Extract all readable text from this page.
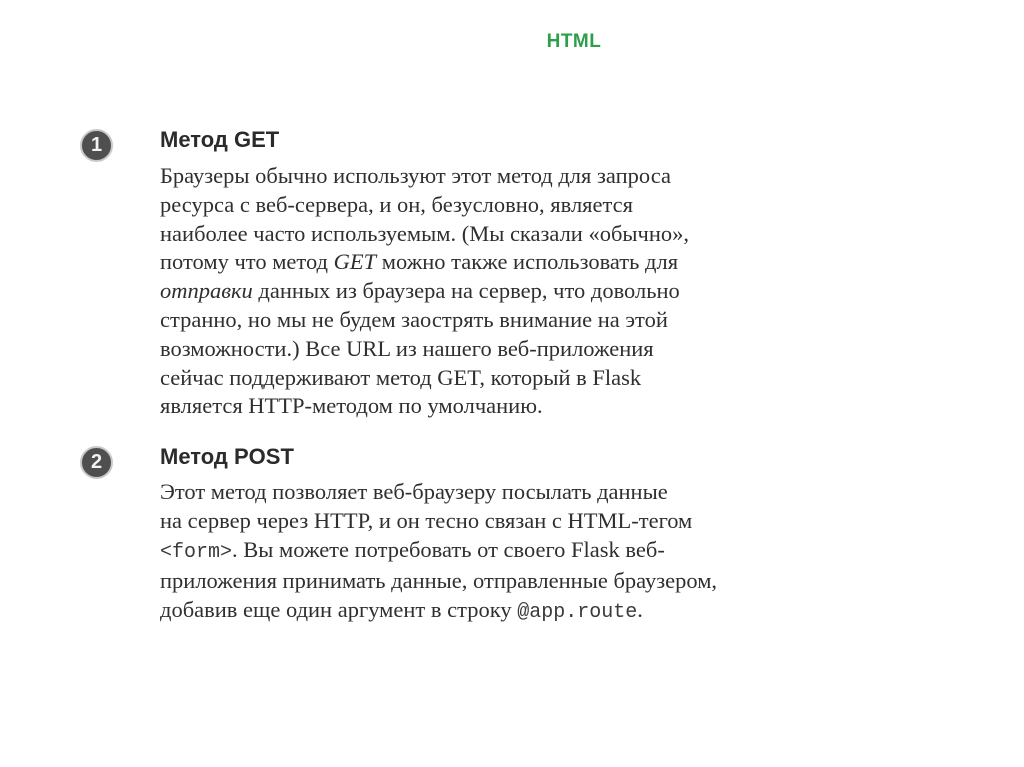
HTML
1	Метод GET

Браузеры обычно используют этот метод для запроса
ресурса с веб-сервера, и он, безусловно, является
наиболее часто используемым. (Мы сказали «обычно»,
потому что метод GET можно также использовать для
отправки данных из браузера на сервер, что довольно
странно, но мы не будем заострять внимание на этой
возможности.) Все URL из нашего веб-приложения
сейчас поддерживают метод GET, который в Flask
является HTTP-методом по умолчанию.

2	Метод POST

Этот метод позволяет веб-браузеру посылать данные
на сервер через HTTP, и он тесно связан с HTML-тегом
<form>. Вы можете потребовать от своего Flask веб-
приложения принимать данные, отправленные браузером,
добавив еще один аргумент в строку @app.route.
